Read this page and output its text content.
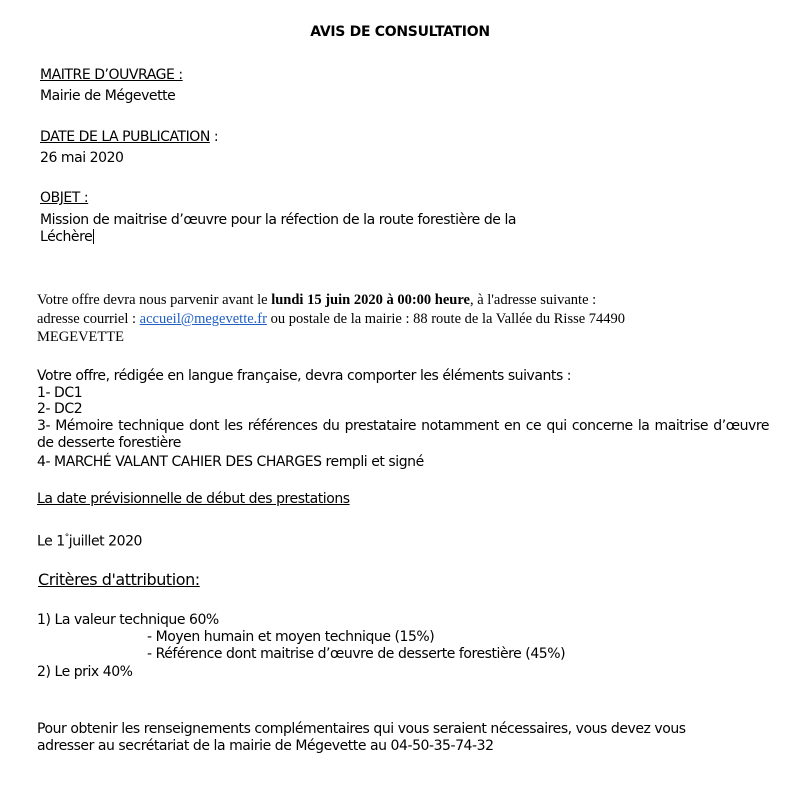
AVIS DE CONSULTATION
MAITRE D’OUVRAGE :
Mairie de Mégevette
DATE DE LA PUBLICATION :
26 mai 2020
OBJET :
Mission de maitrise d’œuvre pour la réfection de la route forestière de la
Léchère
Votre offre devra nous parvenir avant le lundi 15 juin 2020 à 00:00 heure, à l'adresse suivante :
adresse courriel : accueil@megevette.fr ou postale de la mairie : 88 route de la Vallée du Risse 74490
MEGEVETTE
Votre offre, rédigée en langue française, devra comporter les éléments suivants :
1- DC1
2- DC2
3- Mémoire technique dont les références du prestataire notamment en ce qui concerne la maitrise d’œuvre de desserte forestière
4- MARCHÉ VALANT CAHIER DES CHARGES rempli et signé
La date prévisionnelle de début des prestations
Le 1°juillet 2020
Critères d'attribution:
1) La valeur technique 60%
- Moyen humain et moyen technique (15%)
- Référence dont maitrise d’œuvre de desserte forestière (45%)
2) Le prix 40%
Pour obtenir les renseignements complémentaires qui vous seraient nécessaires, vous devez vous
adresser au secrétariat de la mairie de Mégevette au 04-50-35-74-32
